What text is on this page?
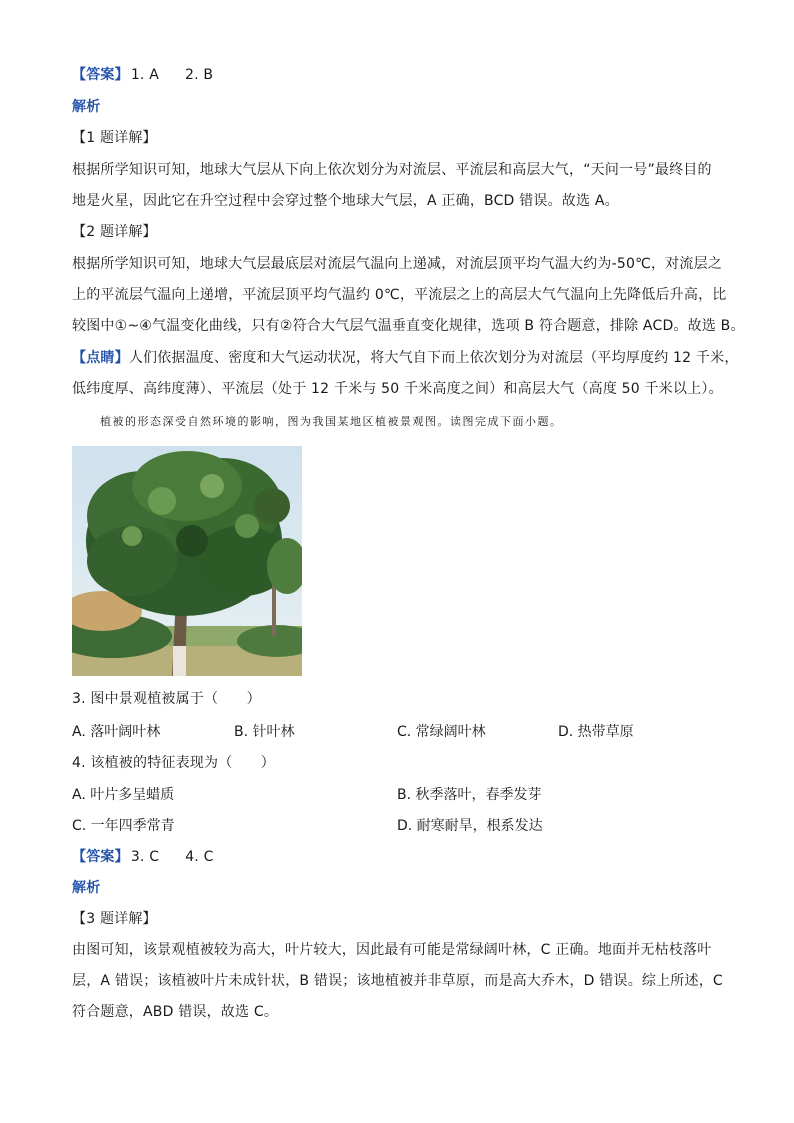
【答案】 1. A 2. B
解析
【1 题详解】
根据所学知识可知，地球大气层从下向上依次划分为对流层、平流层和高层大气，“天问一号”最终目的
地是火星，因此它在升空过程中会穿过整个地球大气层，A 正确，BCD 错误。故选 A。
【2 题详解】
根据所学知识可知，地球大气层最底层对流层气温向上递减，对流层顶平均气温大约为-50℃，对流层之
上的平流层气温向上递增，平流层顶平均气温约 0℃，平流层之上的高层大气气温向上先降低后升高，比
较图中①~④气温变化曲线，只有②符合大气层气温垂直变化规律，选项 B 符合题意，排除 ACD。故选 B。
【点睛】人们依据温度、密度和大气运动状况，将大气自下而上依次划分为对流层（平均厚度约 12 千米，
低纬度厚、高纬度薄）、平流层（处于 12 千米与 50 千米高度之间）和高层大气（高度 50 千米以上）。
植被的形态深受自然环境的影响，图为我国某地区植被景观图。读图完成下面小题。
3. 图中景观植被属于（　　）
A. 落叶阔叶林	B. 针叶林	C. 常绿阔叶林	D. 热带草原
4. 该植被的特征表现为（　　）
A. 叶片多呈蜡质	B. 秋季落叶，春季发芽
C. 一年四季常青	D. 耐寒耐旱，根系发达
【答案】 3. C 4. C
解析
【3 题详解】
由图可知，该景观植被较为高大，叶片较大，因此最有可能是常绿阔叶林，C 正确。地面并无枯枝落叶
层，A 错误；该植被叶片未成针状，B 错误；该地植被并非草原，而是高大乔木，D 错误。综上所述，C
符合题意，ABD 错误，故选 C。
